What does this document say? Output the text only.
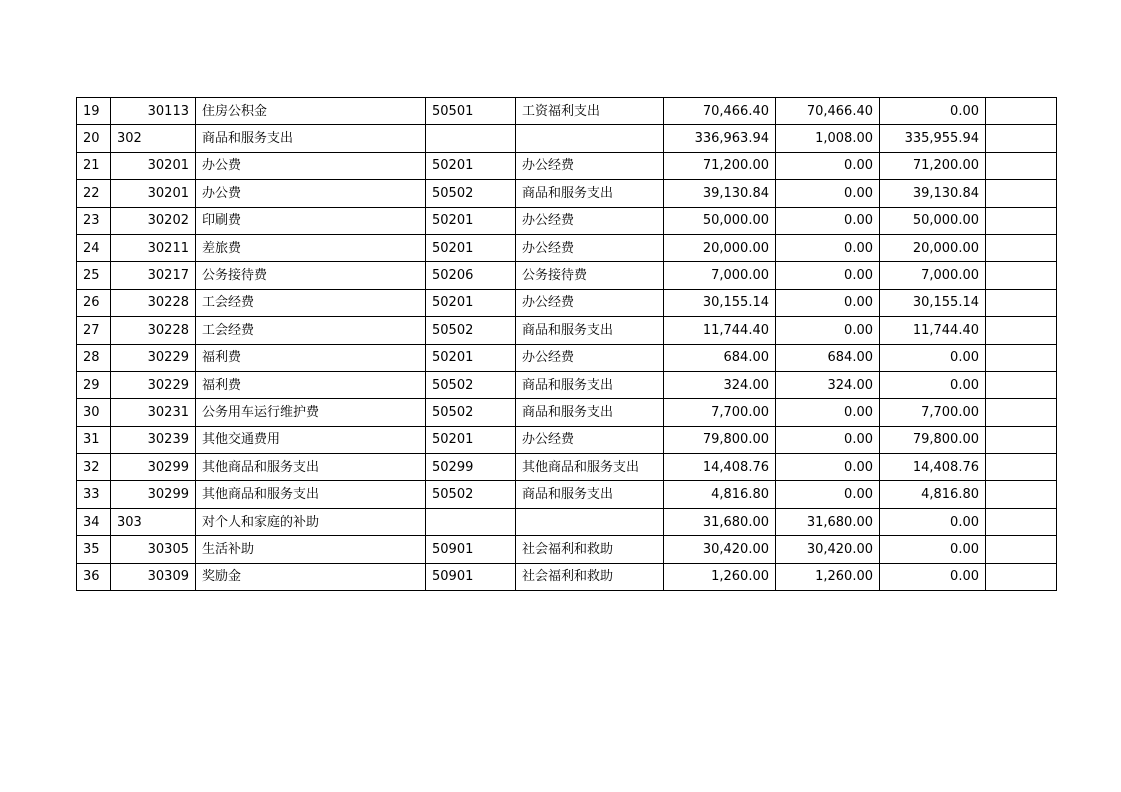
19	30113	住房公积金	50501	工资福利支出	70,466.40	70,466.40	0.00	
20	302	商品和服务支出			336,963.94	1,008.00	335,955.94	
21	30201	办公费	50201	办公经费	71,200.00	0.00	71,200.00	
22	30201	办公费	50502	商品和服务支出	39,130.84	0.00	39,130.84	
23	30202	印刷费	50201	办公经费	50,000.00	0.00	50,000.00	
24	30211	差旅费	50201	办公经费	20,000.00	0.00	20,000.00	
25	30217	公务接待费	50206	公务接待费	7,000.00	0.00	7,000.00	
26	30228	工会经费	50201	办公经费	30,155.14	0.00	30,155.14	
27	30228	工会经费	50502	商品和服务支出	11,744.40	0.00	11,744.40	
28	30229	福利费	50201	办公经费	684.00	684.00	0.00	
29	30229	福利费	50502	商品和服务支出	324.00	324.00	0.00	
30	30231	公务用车运行维护费	50502	商品和服务支出	7,700.00	0.00	7,700.00	
31	30239	其他交通费用	50201	办公经费	79,800.00	0.00	79,800.00	
32	30299	其他商品和服务支出	50299	其他商品和服务支出	14,408.76	0.00	14,408.76	
33	30299	其他商品和服务支出	50502	商品和服务支出	4,816.80	0.00	4,816.80	
34	303	对个人和家庭的补助			31,680.00	31,680.00	0.00	
35	30305	生活补助	50901	社会福利和救助	30,420.00	30,420.00	0.00	
36	30309	奖励金	50901	社会福利和救助	1,260.00	1,260.00	0.00	
